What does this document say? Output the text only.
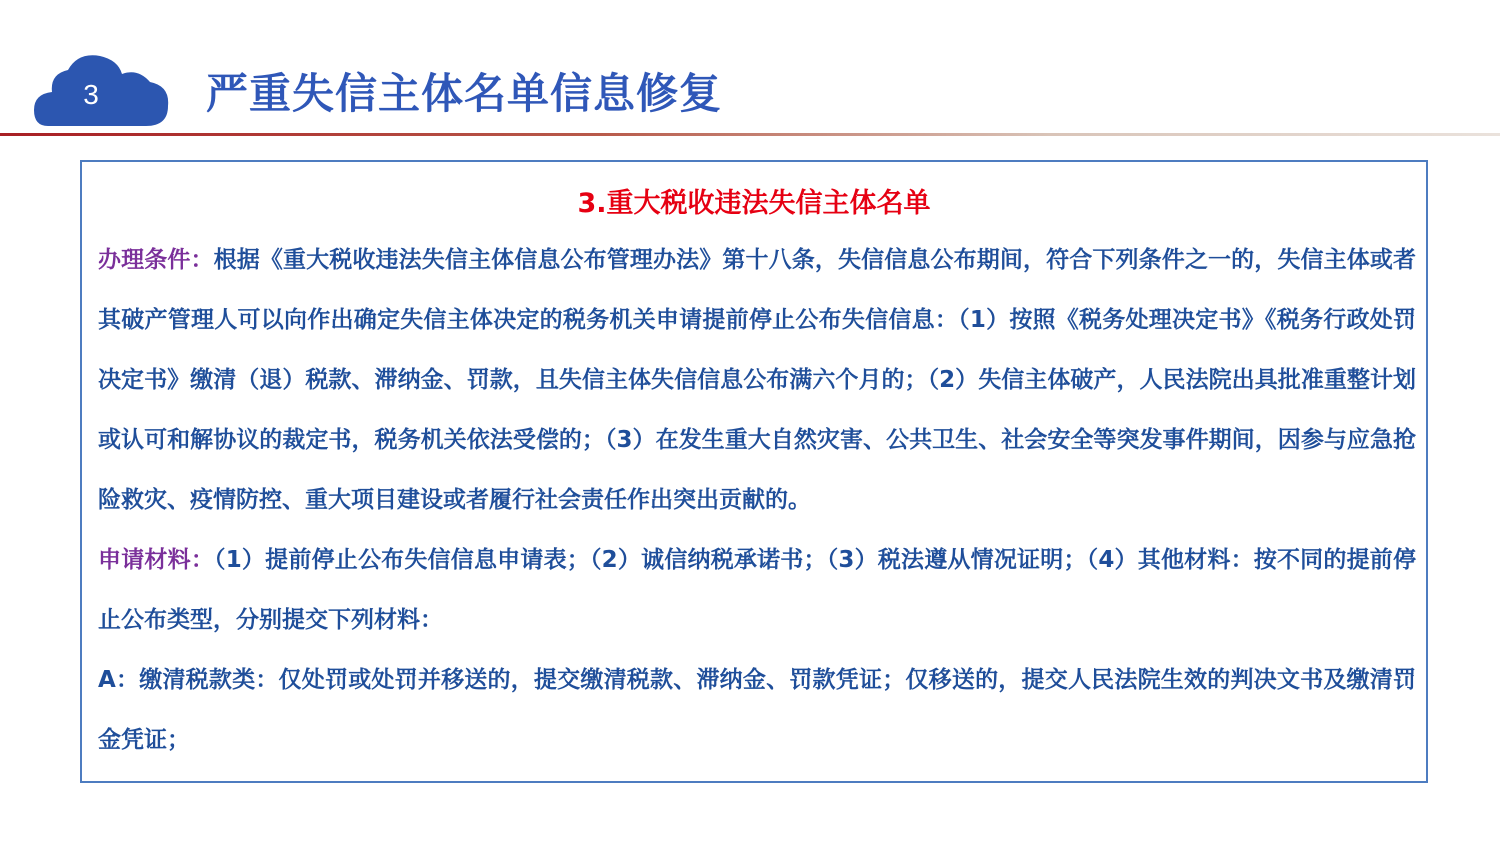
3	严重失信主体名单信息修复
3.重大税收违法失信主体名单
办理条件：根据《重大税收违法失信主体信息公布管理办法》第十八条，失信信息公布期间，符合下列条件之一的，失信主体或者其破产管理人可以向作出确定失信主体决定的税务机关申请提前停止公布失信信息：（1）按照《税务处理决定书》《税务行政处罚决定书》缴清（退）税款、滞纳金、罚款，且失信主体失信信息公布满六个月的；（2）失信主体破产，人民法院出具批准重整计划或认可和解协议的裁定书，税务机关依法受偿的；（3）在发生重大自然灾害、公共卫生、社会安全等突发事件期间，因参与应急抢险救灾、疫情防控、重大项目建设或者履行社会责任作出突出贡献的。
申请材料：（1）提前停止公布失信信息申请表；（2）诚信纳税承诺书；（3）税法遵从情况证明；（4）其他材料：按不同的提前停止公布类型，分别提交下列材料：
A：缴清税款类：仅处罚或处罚并移送的，提交缴清税款、滞纳金、罚款凭证；仅移送的，提交人民法院生效的判决文书及缴清罚金凭证；
